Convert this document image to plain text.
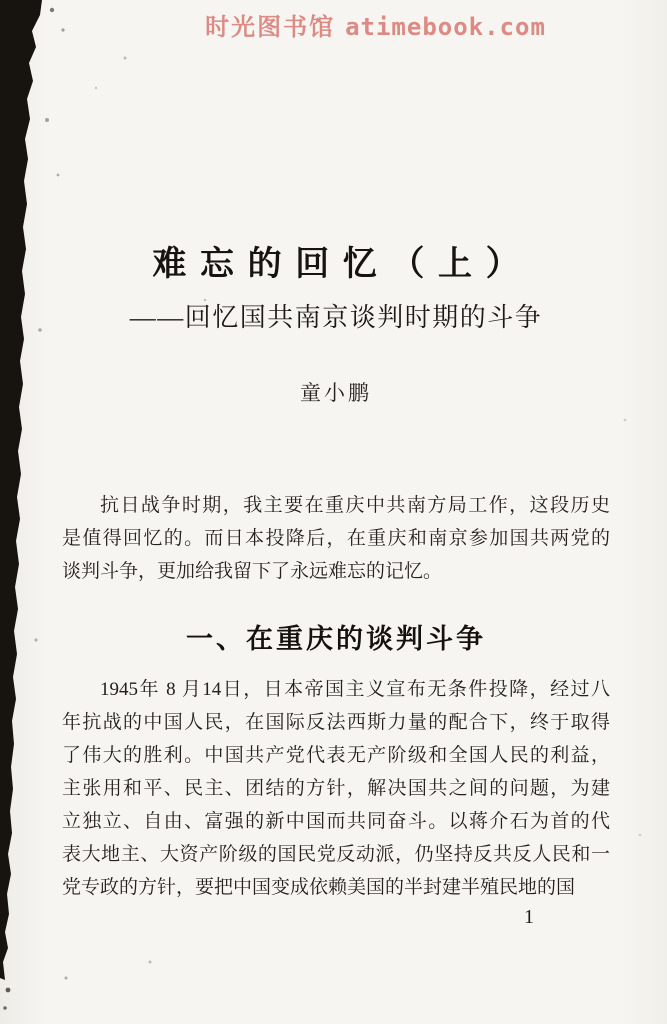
时光图书馆 atimebook.com
难忘的回忆（上）
——回忆国共南京谈判时期的斗争
童小鹏
抗日战争时期，我主要在重庆中共南方局工作，这段历史
是值得回忆的。而日本投降后，在重庆和南京参加国共两党的
谈判斗争，更加给我留下了永远难忘的记忆。
一、在重庆的谈判斗争
1945年 8 月14日，日本帝国主义宣布无条件投降，经过八
年抗战的中国人民，在国际反法西斯力量的配合下，终于取得
了伟大的胜利。中国共产党代表无产阶级和全国人民的利益，
主张用和平、民主、团结的方针，解决国共之间的问题，为建
立独立、自由、富强的新中国而共同奋斗。以蒋介石为首的代
表大地主、大资产阶级的国民党反动派，仍坚持反共反人民和一
党专政的方针，要把中国变成依赖美国的半封建半殖民地的国
1
